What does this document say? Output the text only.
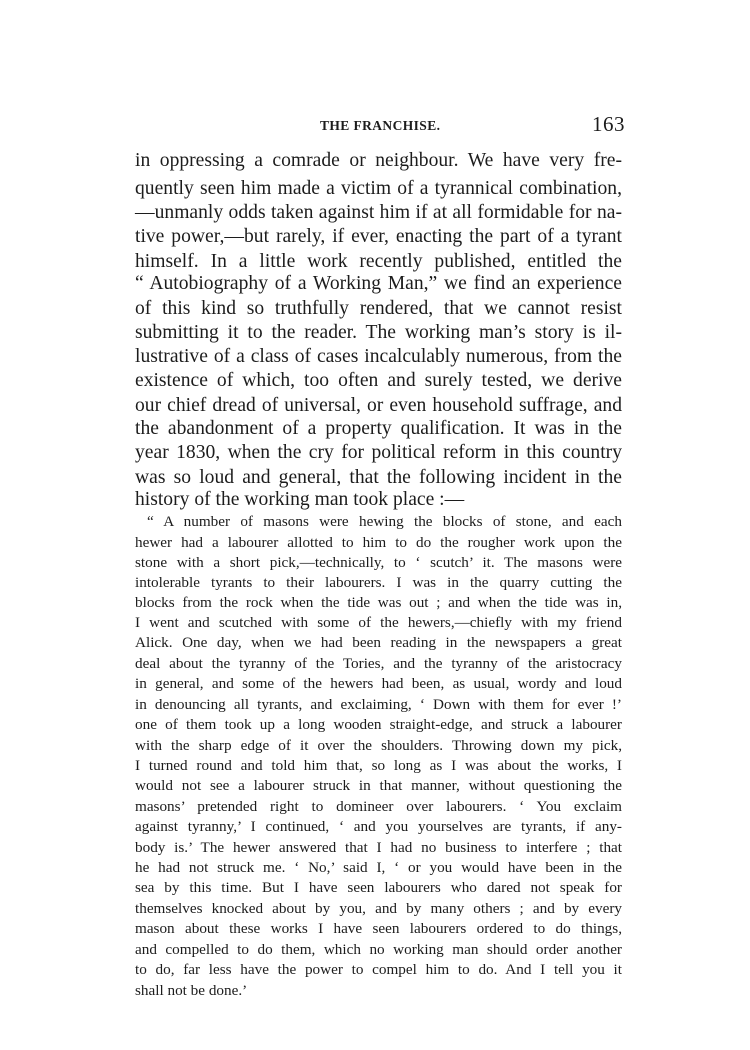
THE FRANCHISE.	163
in oppressing a comrade or neighbour. We have very fre-
quently seen him made a victim of a tyrannical combination,
—unmanly odds taken against him if at all formidable for na-
tive power,—but rarely, if ever, enacting the part of a tyrant
himself. In a little work recently published, entitled the
“ Autobiography of a Working Man,” we find an experience
of this kind so truthfully rendered, that we cannot resist
submitting it to the reader. The working man’s story is il-
lustrative of a class of cases incalculably numerous, from the
existence of which, too often and surely tested, we derive
our chief dread of universal, or even household suffrage, and
the abandonment of a property qualification. It was in the
year 1830, when the cry for political reform in this country
was so loud and general, that the following incident in the
history of the working man took place :—
“ A number of masons were hewing the blocks of stone, and each
hewer had a labourer allotted to him to do the rougher work upon the
stone with a short pick,—technically, to ‘ scutch’ it. The masons were
intolerable tyrants to their labourers. I was in the quarry cutting the
blocks from the rock when the tide was out ; and when the tide was in,
I went and scutched with some of the hewers,—chiefly with my friend
Alick. One day, when we had been reading in the newspapers a great
deal about the tyranny of the Tories, and the tyranny of the aristocracy
in general, and some of the hewers had been, as usual, wordy and loud
in denouncing all tyrants, and exclaiming, ‘ Down with them for ever !’
one of them took up a long wooden straight-edge, and struck a labourer
with the sharp edge of it over the shoulders. Throwing down my pick,
I turned round and told him that, so long as I was about the works, I
would not see a labourer struck in that manner, without questioning the
masons’ pretended right to domineer over labourers. ‘ You exclaim
against tyranny,’ I continued, ‘ and you yourselves are tyrants, if any-
body is.’ The hewer answered that I had no business to interfere ; that
he had not struck me. ‘ No,’ said I, ‘ or you would have been in the
sea by this time. But I have seen labourers who dared not speak for
themselves knocked about by you, and by many others ; and by every
mason about these works I have seen labourers ordered to do things,
and compelled to do them, which no working man should order another
to do, far less have the power to compel him to do. And I tell you it
shall not be done.’
